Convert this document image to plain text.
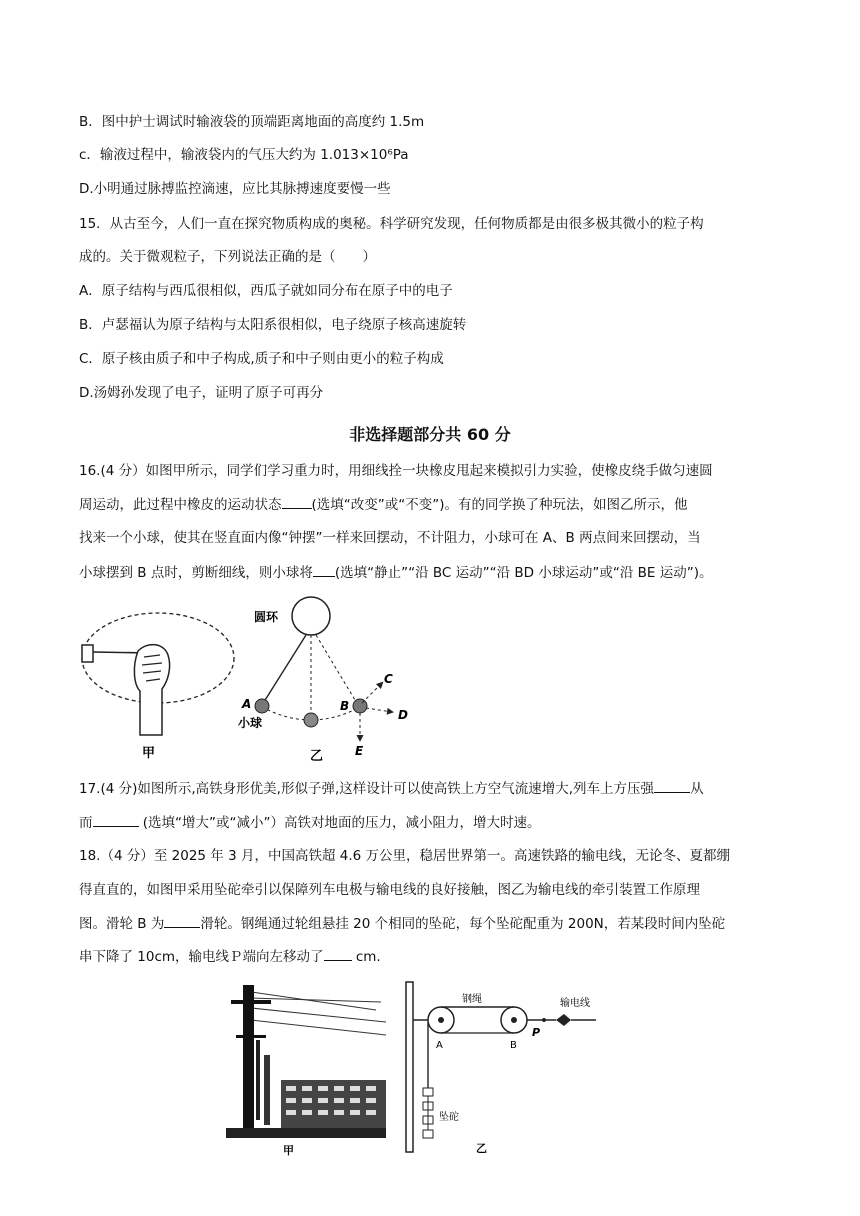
B．图中护士调试时输液袋的顶端距离地面的高度约 1.5m
c．输液过程中，输液袋内的气压大约为 1.013×10⁶Pa
D.小明通过脉搏监控滴速，应比其脉搏速度要慢一些
15．从古至今，人们一直在探究物质构成的奥秘。科学研究发现，任何物质都是由很多极其微小的粒子构
成的。关于微观粒子，下列说法正确的是（　　）
A．原子结构与西瓜很相似，西瓜子就如同分布在原子中的电子
B．卢瑟福认为原子结构与太阳系很相似，电子绕原子核高速旋转
C．原子核由质子和中子构成,质子和中子则由更小的粒子构成
D.汤姆孙发现了电子，证明了原子可再分
非选择题部分共 60 分
16.(4 分）如图甲所示，同学们学习重力时，用细线拴一块橡皮甩起来模拟引力实验，使橡皮绕手做匀速圆
周运动，此过程中橡皮的运动状态 (选填“改变”或“不变”)。有的同学换了种玩法，如图乙所示，他
找来一个小球，使其在竖直面内像“钟摆”一样来回摆动，不计阻力，小球可在 A、B 两点间来回摆动，当
小球摆到 B 点时，剪断细线，则小球将 (选填“静止”“沿 BC 运动”“沿 BD 小球运动”或“沿 BE 运动”)。
甲
圆环
A
小球
B
C
D
E
乙
17.(4 分)如图所示,高铁身形优美,形似子弹,这样设计可以使高铁上方空气流速增大,列车上方压强	从
而	(选填“增大”或“减小”）高铁对地面的压力，减小阻力，增大时速。
18.（4 分）至 2025 年 3 月，中国高铁超 4.6 万公里，稳居世界第一。高速铁路的输电线，无论冬、夏都绷
得直直的，如图甲采用坠砣牵引以保障列车电极与输电线的良好接触，图乙为输电线的牵引装置工作原理
图。滑轮 B 为	滑轮。钢绳通过轮组悬挂 20 个相同的坠砣，每个坠砣配重为 200N，若某段时间内坠砣
串下降了 10cm，输电线Ｐ端向左移动了 cm.
甲
坠砣
A	B
钢绳
P
输电线
乙
